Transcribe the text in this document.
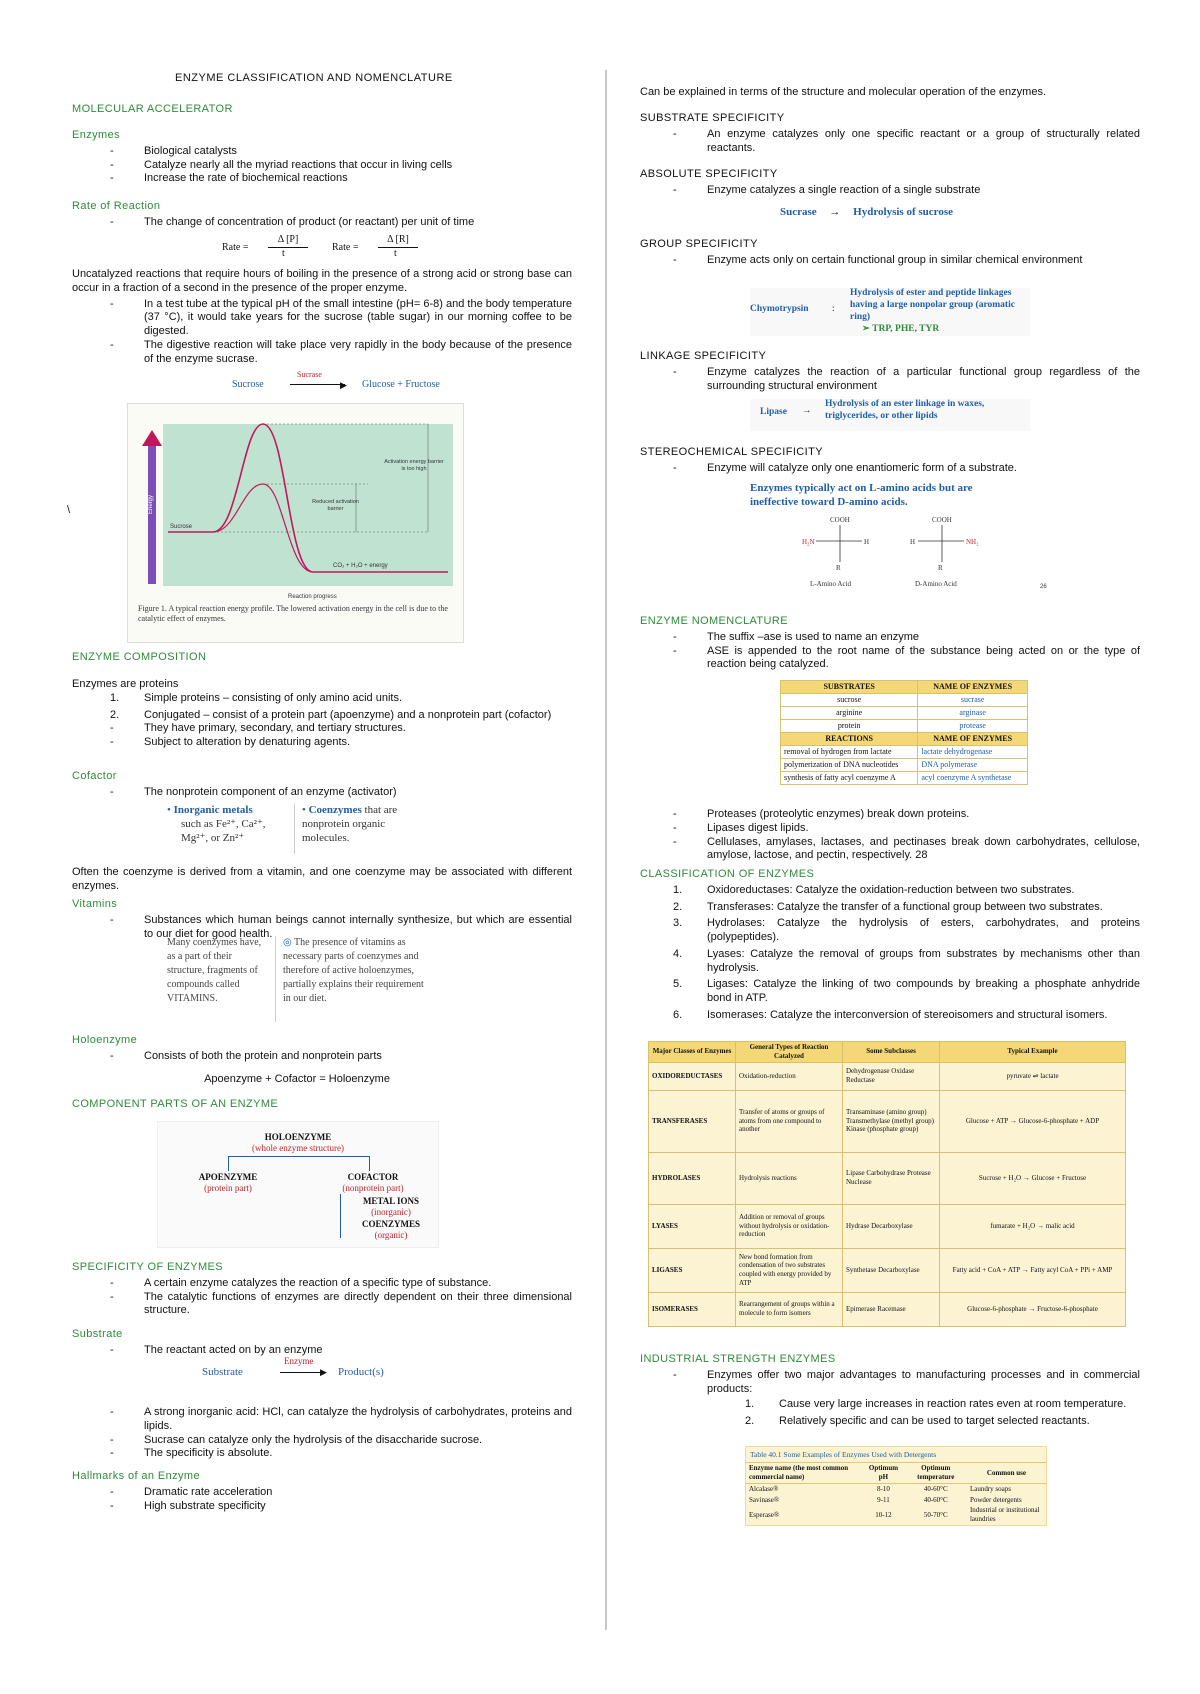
ENZYME CLASSIFICATION AND NOMENCLATURE

MOLECULAR ACCELERATOR

Enzymes

- Biological catalysts
- Catalyze nearly all the myriad reactions that occur in living cells
- Increase the rate of biochemical reactions

Rate of Reaction

- The change of concentration of product (or reactant) per unit of time
Rate =
Δ [P]
t
Rate =
Δ [R]
t

Uncatalyzed reactions that require hours of boiling in the presence of a strong acid or strong base can occur in a fraction of a second in the presence of the proper enzyme.

- In a test tube at the typical pH of the small intestine (pH= 6-8) and the body temperature (37 °C), it would take years for the sucrose (table sugar) in our morning coffee to be digested.
- The digestive reaction will take place very rapidly in the body because of the presence of the enzyme sucrase.
Sucrose
Sucrase
▶ Glucose + Fructose
Energy
Sucrose
CO₂ + H₂O + energy
Activation energy barrier is too high
Reduced activation barrier
Reaction progress
Figure 1. A typical reaction energy profile. The lowered activation energy in the cell is due to the catalytic effect of enzymes.
\

ENZYME COMPOSITION

Enzymes are proteins

1. Simple proteins – consisting of only amino acid units.
2. Conjugated – consist of a protein part (apoenzyme) and a nonprotein part (cofactor)
- They have primary, secondary, and tertiary structures.
- Subject to alteration by denaturing agents.

Cofactor

- The nonprotein component of an enzyme (activator)
• Inorganic metals
such as Fe²⁺, Ca²⁺, Mg²⁺, or Zn²⁺
• Coenzymes that are nonprotein organic molecules.

Often the coenzyme is derived from a vitamin, and one coenzyme may be associated with different enzymes.

Vitamins

- Substances which human beings cannot internally synthesize, but which are essential to our diet for good health.
Many coenzymes have, as a part of their structure, fragments of compounds called VITAMINS.
◎ The presence of vitamins as necessary parts of coenzymes and therefore of active holoenzymes, partially explains their requirement in our diet.

Holoenzyme

- Consists of both the protein and nonprotein parts

Apoenzyme + Cofactor = Holoenzyme

COMPONENT PARTS OF AN ENZYME

HOLOENZYME
(whole enzyme structure)
APOENZYME
(protein part)
COFACTOR
(nonprotein part)
METAL IONS
(inorganic)
COENZYMES
(organic)

SPECIFICITY OF ENZYMES

- A certain enzyme catalyzes the reaction of a specific type of substance.
- The catalytic functions of enzymes are directly dependent on their three dimensional structure.

Substrate

- The reactant acted on by an enzyme
Substrate
Enzyme
▶ Product(s)
- A strong inorganic acid: HCl, can catalyze the hydrolysis of carbohydrates, proteins and lipids.
- Sucrase can catalyze only the hydrolysis of the disaccharide sucrose.
- The specificity is absolute.

Hallmarks of an Enzyme

- Dramatic rate acceleration
- High substrate specificity

Can be explained in terms of the structure and molecular operation of the enzymes.

SUBSTRATE SPECIFICITY

- An enzyme catalyzes only one specific reactant or a group of structurally related reactants.

ABSOLUTE SPECIFICITY

- Enzyme catalyzes a single reaction of a single substrate
Sucrase → Hydrolysis of sucrose

GROUP SPECIFICITY

- Enzyme acts only on certain functional group in similar chemical environment
Chymotrypsin :
Hydrolysis of ester and peptide linkages having a large nonpolar group (aromatic ring)
➢ TRP, PHE, TYR

LINKAGE SPECIFICITY

- Enzyme catalyzes the reaction of a particular functional group regardless of the surrounding structural environment
Lipase →
Hydrolysis of an ester linkage in waxes, triglycerides, or other lipids

STEREOCHEMICAL SPECIFICITY

- Enzyme will catalyze only one enantiomeric form of a substrate.
Enzymes typically act on L-amino acids but are ineffective toward D-amino acids.
COOH
H₂N	H
R
L-Amino Acid
COOH
H	NH₂
R
D-Amino Acid	26

ENZYME NOMENCLATURE

- The suffix –ase is used to name an enzyme
- ASE is appended to the root name of the substance being acted on or the type of reaction being catalyzed.
SUBSTRATES	NAME OF ENZYMES
sucrose	sucrase
arginine	arginase
protein	protease
REACTIONS	NAME OF ENZYMES
removal of hydrogen from lactate	lactate dehydrogenase
polymerization of DNA nucleotides	DNA polymerase
synthesis of fatty acyl coenzyme A	acyl coenzyme A synthetase
- Proteases (proteolytic enzymes) break down proteins.
- Lipases digest lipids.
- Cellulases, amylases, lactases, and pectinases break down carbohydrates, cellulose, amylose, lactose, and pectin, respectively. 28

CLASSIFICATION OF ENZYMES

1. Oxidoreductases: Catalyze the oxidation-reduction between two substrates.
2. Transferases: Catalyze the transfer of a functional group between two substrates.
3. Hydrolases: Catalyze the hydrolysis of esters, carbohydrates, and proteins (polypeptides).
4. Lyases: Catalyze the removal of groups from substrates by mechanisms other than hydrolysis.
5. Ligases: Catalyze the linking of two compounds by breaking a phosphate anhydride bond in ATP.
6. Isomerases: Catalyze the interconversion of stereoisomers and structural isomers.
Major Classes of Enzymes	General Types of Reaction Catalyzed	Some Subclasses	Typical Example
OXIDOREDUCTASES	Oxidation-reduction	Dehydrogenase Oxidase Reductase	pyruvate ⇌ lactate
TRANSFERASES	Transfer of atoms or groups of atoms from one compound to another	Transaminase (amino group) Transmethylase (methyl group) Kinase (phosphate group)	Glucose + ATP → Glucose-6-phosphate + ADP
HYDROLASES	Hydrolysis reactions	Lipase Carbohydrase Protease Nuclease	Sucrose + H₂O → Glucose + Fructose
LYASES	Addition or removal of groups without hydrolysis or oxidation-reduction	Hydrase Decarboxylase	fumarate + H₂O → malic acid
LIGASES	New bond formation from condensation of two substrates coupled with energy provided by ATP	Synthetase Decarboxylase	Fatty acid + CoA + ATP → Fatty acyl CoA + PPi + AMP
ISOMERASES	Rearrangement of groups within a molecule to form isomers	Epimerase Racemase	Glucose-6-phosphate → Fructose-6-phosphate

INDUSTRIAL STRENGTH ENZYMES

- Enzymes offer two major advantages to manufacturing processes and in commercial products:
1. Cause very large increases in reaction rates even at room temperature.
2. Relatively specific and can be used to target selected reactants.
Table 40.1 Some Examples of Enzymes Used with Detergents
Enzyme name (the most common commercial name)	Optimum pH	Optimum temperature	Common use
Alcalase®	8-10	40-60°C	Laundry soaps
Savinase®	9-11	40-60°C	Powder detergents
Esperase®	10-12	50-70°C	Industrial or institutional laundries
